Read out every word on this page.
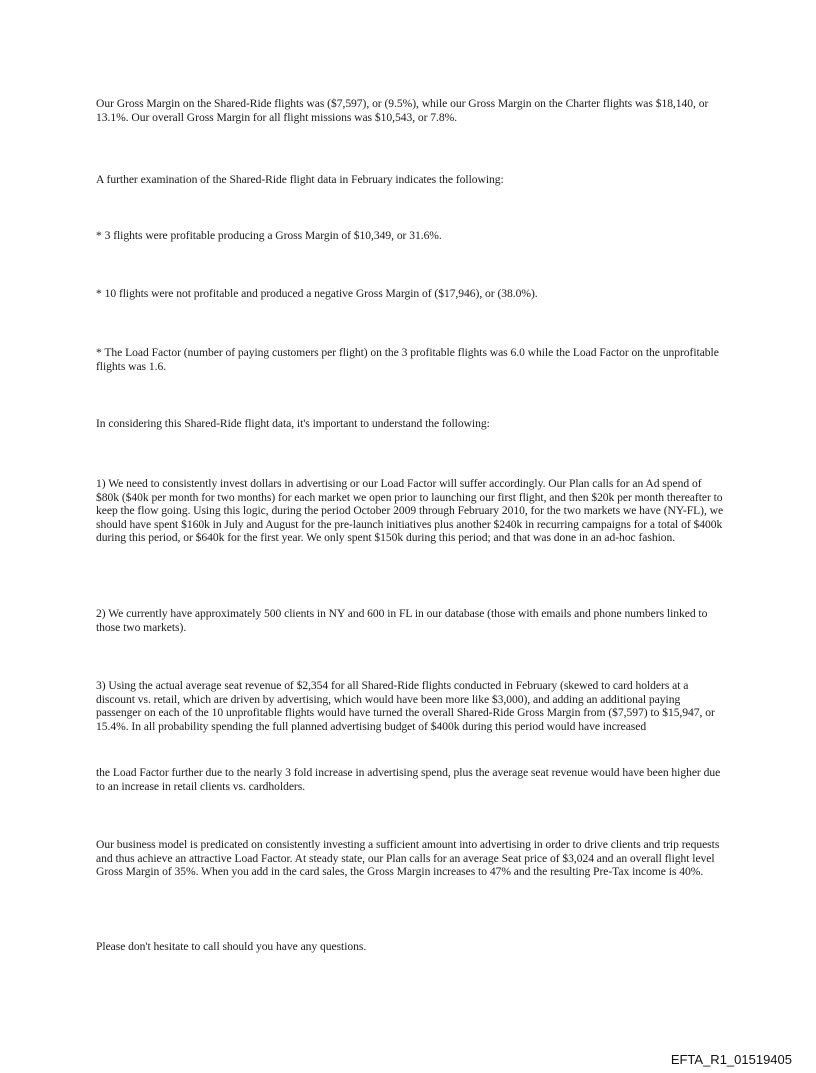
Our Gross Margin on the Shared-Ride flights was ($7,597), or (9.5%), while our Gross Margin on the Charter flights was $18,140, or 13.1%. Our overall Gross Margin for all flight missions was $10,543, or 7.8%.

A further examination of the Shared-Ride flight data in February indicates the following:

* 3 flights were profitable producing a Gross Margin of $10,349, or 31.6%.

* 10 flights were not profitable and produced a negative Gross Margin of ($17,946), or (38.0%).

* The Load Factor (number of paying customers per flight) on the 3 profitable flights was 6.0 while the Load Factor on the unprofitable flights was 1.6.

In considering this Shared-Ride flight data, it's important to understand the following:

1) We need to consistently invest dollars in advertising or our Load Factor will suffer accordingly. Our Plan calls for an Ad spend of $80k ($40k per month for two months) for each market we open prior to launching our first flight, and then $20k per month thereafter to keep the flow going. Using this logic, during the period October 2009 through February 2010, for the two markets we have (NY-FL), we should have spent $160k in July and August for the pre-launch initiatives plus another $240k in recurring campaigns for a total of $400k during this period, or $640k for the first year. We only spent $150k during this period; and that was done in an ad-hoc fashion.

2) We currently have approximately 500 clients in NY and 600 in FL in our database (those with emails and phone numbers linked to those two markets).

3) Using the actual average seat revenue of $2,354 for all Shared-Ride flights conducted in February (skewed to card holders at a discount vs. retail, which are driven by advertising, which would have been more like $3,000), and adding an additional paying passenger on each of the 10 unprofitable flights would have turned the overall Shared-Ride Gross Margin from ($7,597) to $15,947, or 15.4%. In all probability spending the full planned advertising budget of $400k during this period would have increased

the Load Factor further due to the nearly 3 fold increase in advertising spend, plus the average seat revenue would have been higher due to an increase in retail clients vs. cardholders.

Our business model is predicated on consistently investing a sufficient amount into advertising in order to drive clients and trip requests and thus achieve an attractive Load Factor. At steady state, our Plan calls for an average Seat price of $3,024 and an overall flight level Gross Margin of 35%. When you add in the card sales, the Gross Margin increases to 47% and the resulting Pre-Tax income is 40%.

Please don't hesitate to call should you have any questions.

EFTA_R1_01519405
